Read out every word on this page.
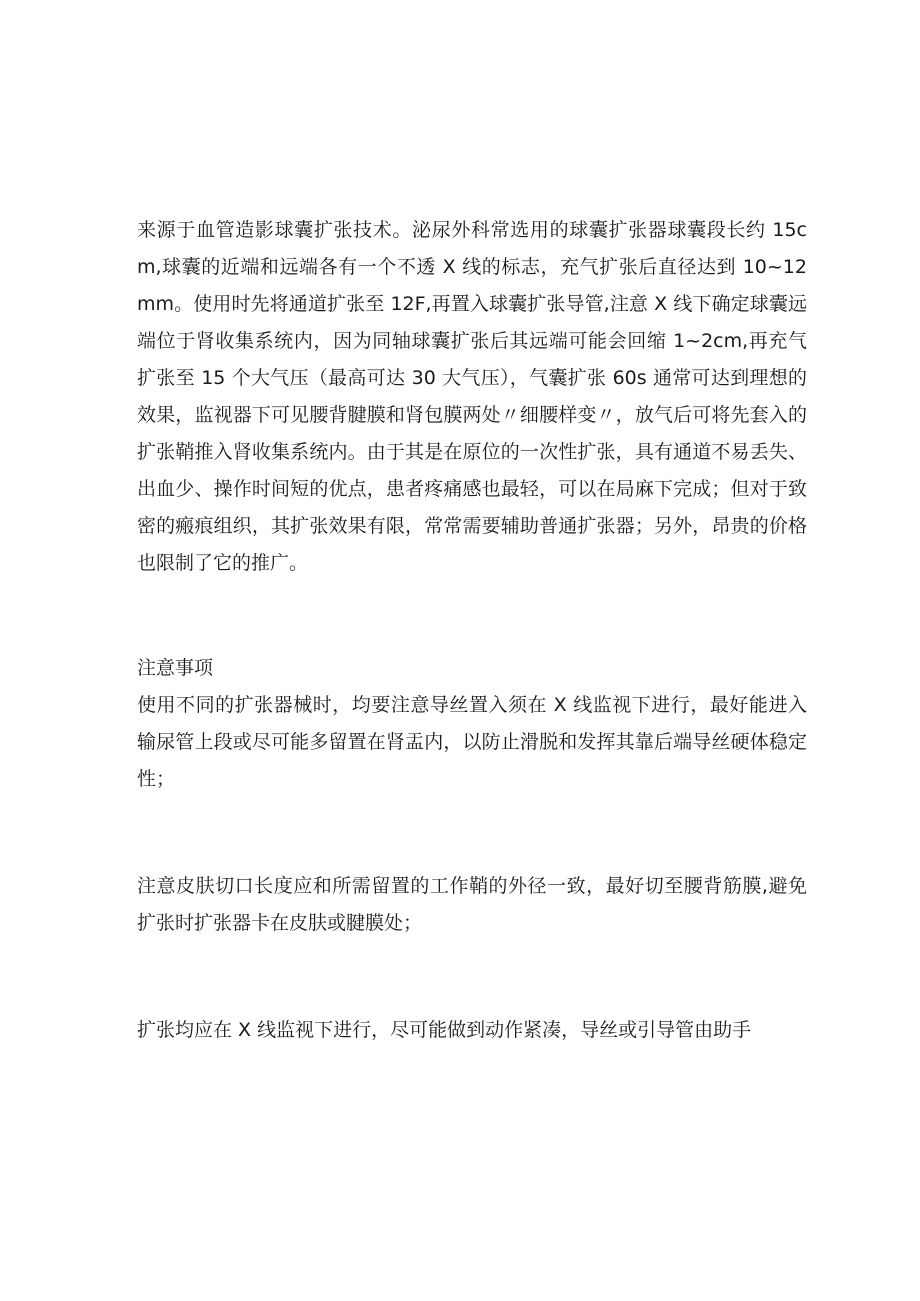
来源于血管造影球囊扩张技术。泌尿外科常选用的球囊扩张器球囊段长约 15cm,球囊的近端和远端各有一个不透 X 线的标志，充气扩张后直径达到 10~12mm。使用时先将通道扩张至 12F,再置入球囊扩张导管,注意 X 线下确定球囊远端位于肾收集系统内，因为同轴球囊扩张后其远端可能会回缩 1~2cm,再充气扩张至 15 个大气压（最高可达 30 大气压），气囊扩张 60s 通常可达到理想的效果，监视器下可见腰背腱膜和肾包膜两处〃细腰样变〃，放气后可将先套入的扩张鞘推入肾收集系统内。由于其是在原位的一次性扩张，具有通道不易丢失、出血少、操作时间短的优点，患者疼痛感也最轻，可以在局麻下完成；但对于致密的瘢痕组织，其扩张效果有限，常常需要辅助普通扩张器；另外，昂贵的价格也限制了它的推广。

注意事项

使用不同的扩张器械时，均要注意导丝置入须在 X 线监视下进行，最好能进入输尿管上段或尽可能多留置在肾盂内，以防止滑脱和发挥其靠后端导丝硬体稳定性；

注意皮肤切口长度应和所需留置的工作鞘的外径一致，最好切至腰背筋膜,避免扩张时扩张器卡在皮肤或腱膜处；

扩张均应在 X 线监视下进行，尽可能做到动作紧凑，导丝或引导管由助手
